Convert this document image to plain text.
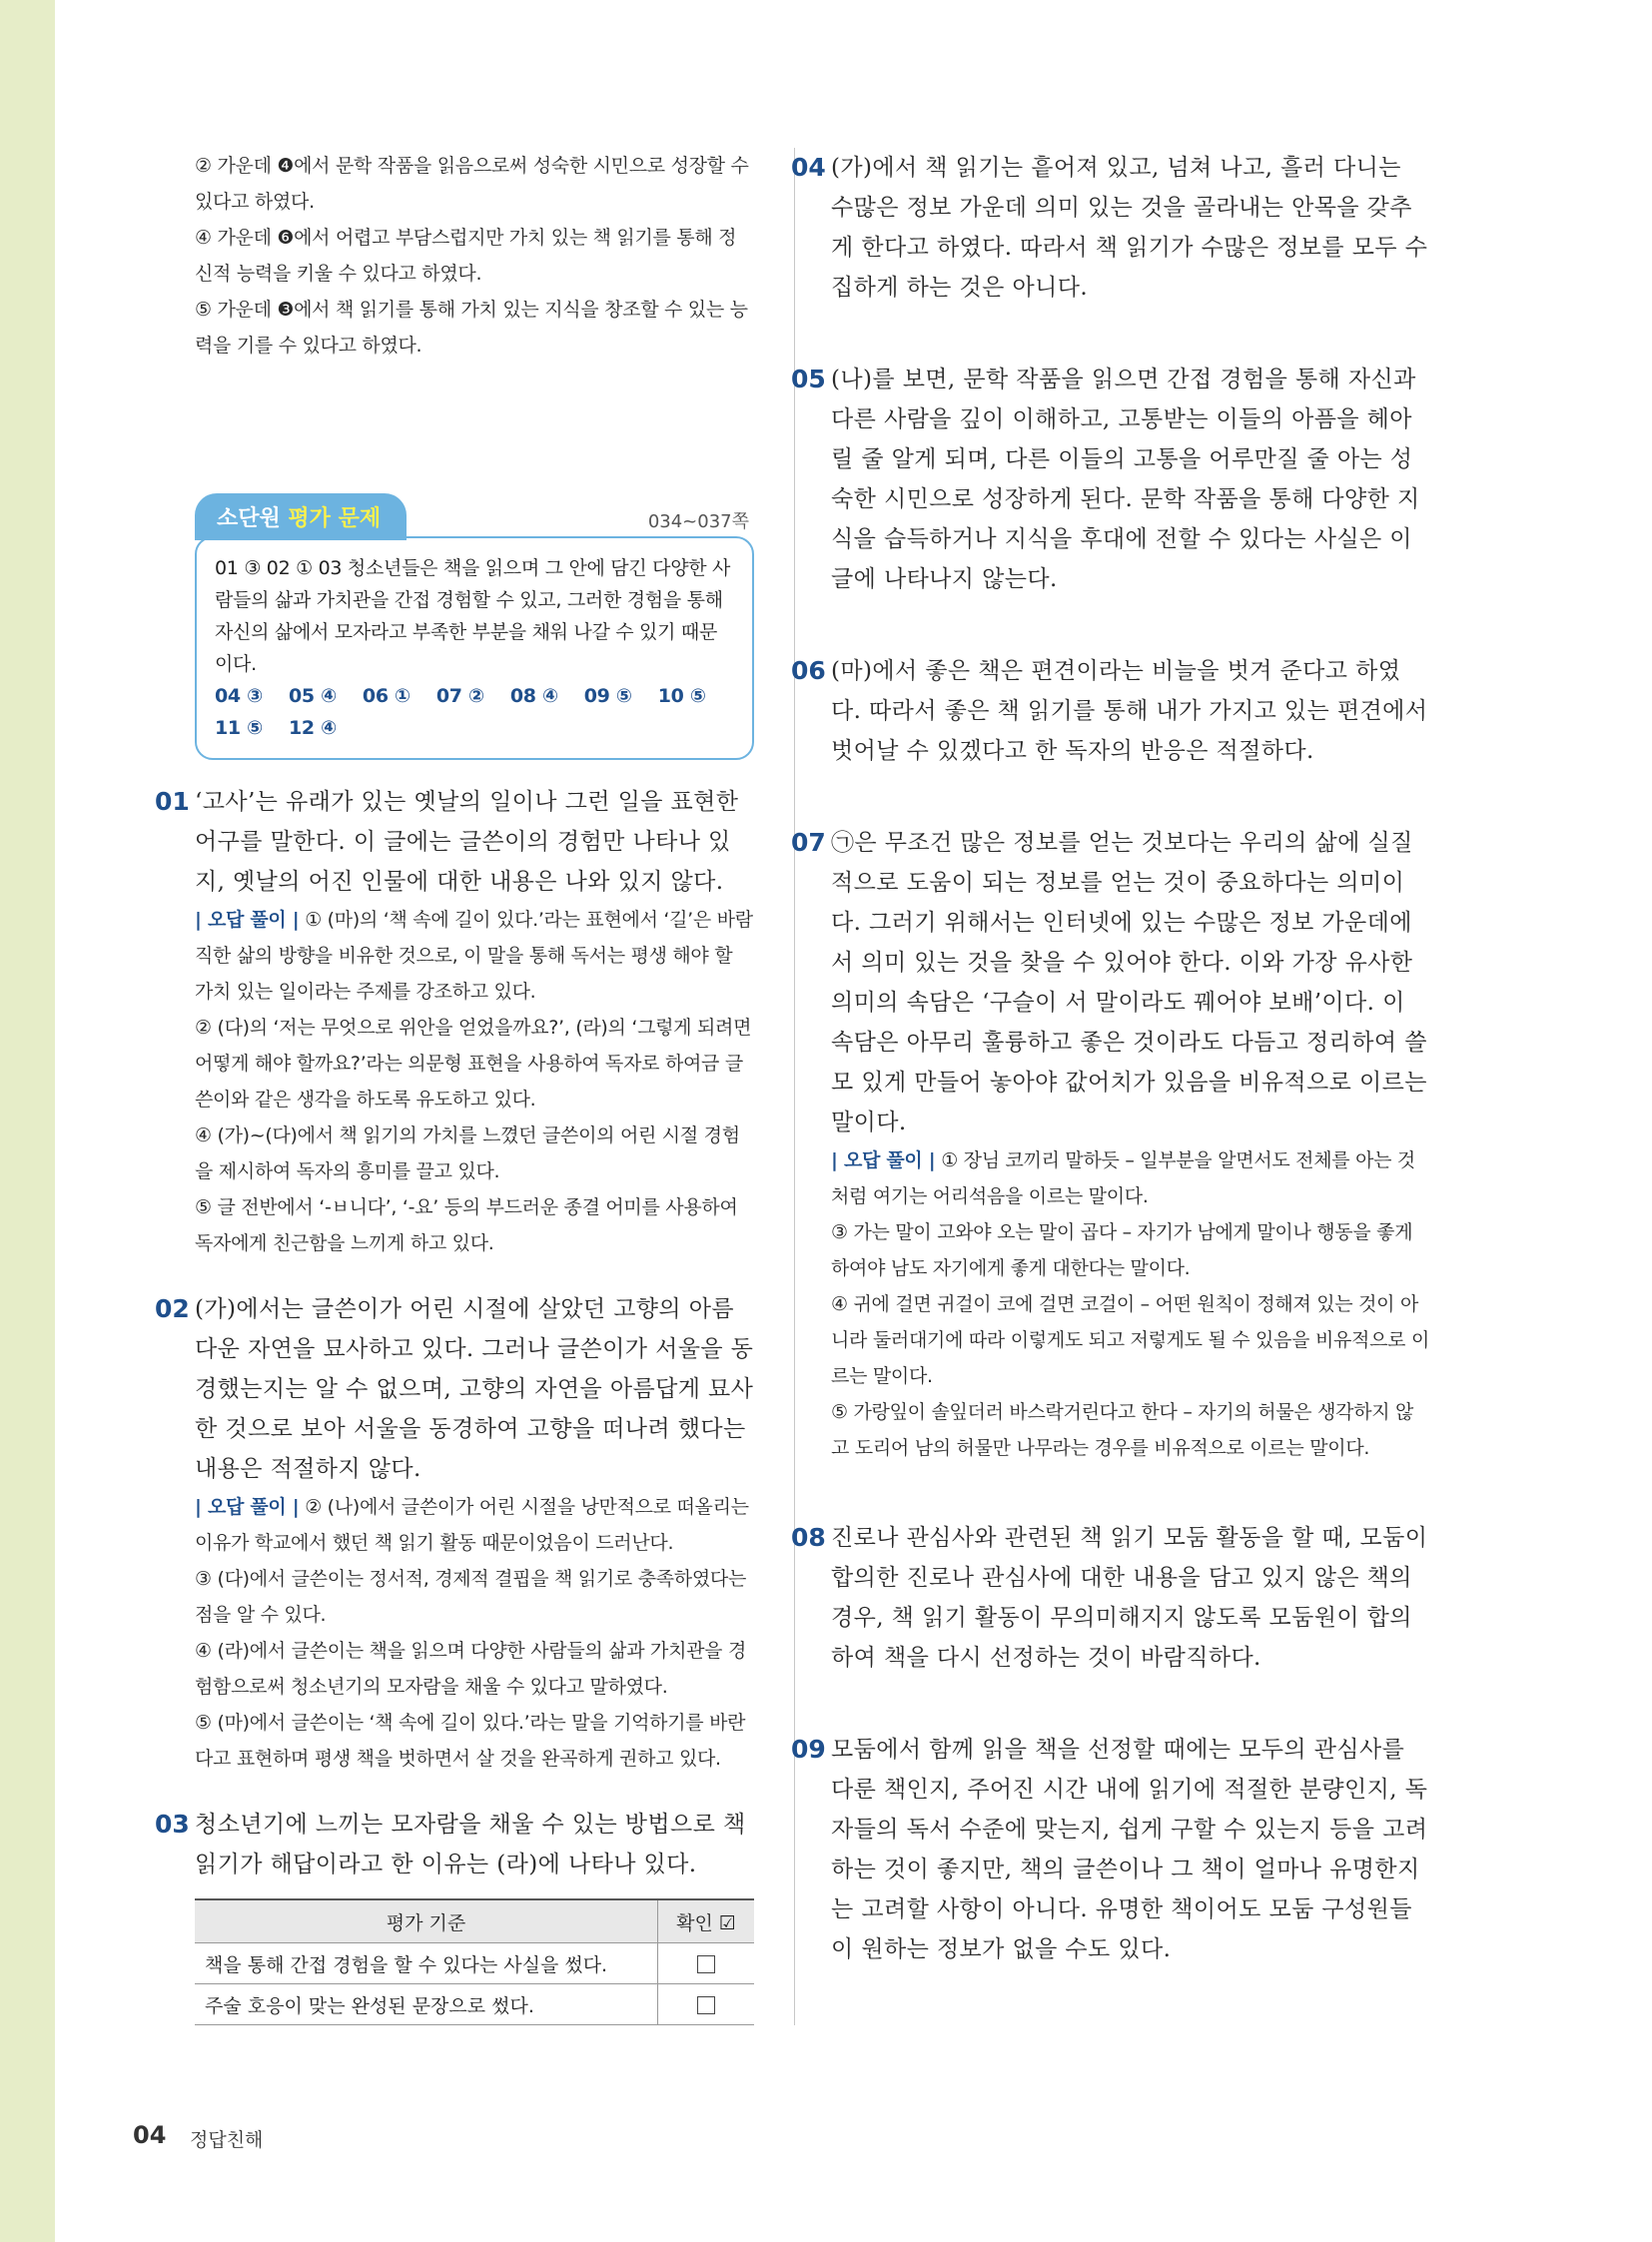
② 가운데 ❹에서 문학 작품을 읽음으로써 성숙한 시민으로 성장할 수 있다고 하였다.

④ 가운데 ❻에서 어렵고 부담스럽지만 가치 있는 책 읽기를 통해 정신적 능력을 키울 수 있다고 하였다.

⑤ 가운데 ❸에서 책 읽기를 통해 가치 있는 지식을 창조할 수 있는 능력을 기를 수 있다고 하였다.

소단원 평가 문제	034~037쪽
01 ③ 02 ① 03 청소년들은 책을 읽으며 그 안에 담긴 다양한 사람들의 삶과 가치관을 간접 경험할 수 있고, 그러한 경험을 통해 자신의 삶에서 모자라고 부족한 부분을 채워 나갈 수 있기 때문이다.
04 ③ 05 ④ 06 ① 07 ② 08 ④ 09 ⑤ 10 ⑤
11 ⑤ 12 ④
01 ‘고사’는 유래가 있는 옛날의 일이나 그런 일을 표현한 어구를 말한다. 이 글에는 글쓴이의 경험만 나타나 있지, 옛날의 어진 인물에 대한 내용은 나와 있지 않다.

| 오답 풀이 | ① (마)의 ‘책 속에 길이 있다.’라는 표현에서 ‘길’은 바람직한 삶의 방향을 비유한 것으로, 이 말을 통해 독서는 평생 해야 할 가치 있는 일이라는 주제를 강조하고 있다.

② (다)의 ‘저는 무엇으로 위안을 얻었을까요?’, (라)의 ‘그렇게 되려면 어떻게 해야 할까요?’라는 의문형 표현을 사용하여 독자로 하여금 글쓴이와 같은 생각을 하도록 유도하고 있다.

④ (가)~(다)에서 책 읽기의 가치를 느꼈던 글쓴이의 어린 시절 경험을 제시하여 독자의 흥미를 끌고 있다.

⑤ 글 전반에서 ‘-ㅂ니다’, ‘-요’ 등의 부드러운 종결 어미를 사용하여 독자에게 친근함을 느끼게 하고 있다.

02 (가)에서는 글쓴이가 어린 시절에 살았던 고향의 아름다운 자연을 묘사하고 있다. 그러나 글쓴이가 서울을 동경했는지는 알 수 없으며, 고향의 자연을 아름답게 묘사한 것으로 보아 서울을 동경하여 고향을 떠나려 했다는 내용은 적절하지 않다.

| 오답 풀이 | ② (나)에서 글쓴이가 어린 시절을 낭만적으로 떠올리는 이유가 학교에서 했던 책 읽기 활동 때문이었음이 드러난다.

③ (다)에서 글쓴이는 정서적, 경제적 결핍을 책 읽기로 충족하였다는 점을 알 수 있다.

④ (라)에서 글쓴이는 책을 읽으며 다양한 사람들의 삶과 가치관을 경험함으로써 청소년기의 모자람을 채울 수 있다고 말하였다.

⑤ (마)에서 글쓴이는 ‘책 속에 길이 있다.’라는 말을 기억하기를 바란다고 표현하며 평생 책을 벗하면서 살 것을 완곡하게 권하고 있다.

03 청소년기에 느끼는 모자람을 채울 수 있는 방법으로 책 읽기가 해답이라고 한 이유는 (라)에 나타나 있다.
평가 기준	확인 ☑
책을 통해 간접 경험을 할 수 있다는 사실을 썼다.	
주술 호응이 맞는 완성된 문장으로 썼다.	
04 (가)에서 책 읽기는 흩어져 있고, 넘쳐 나고, 흘러 다니는 수많은 정보 가운데 의미 있는 것을 골라내는 안목을 갖추게 한다고 하였다. 따라서 책 읽기가 수많은 정보를 모두 수집하게 하는 것은 아니다.
05 (나)를 보면, 문학 작품을 읽으면 간접 경험을 통해 자신과 다른 사람을 깊이 이해하고, 고통받는 이들의 아픔을 헤아릴 줄 알게 되며, 다른 이들의 고통을 어루만질 줄 아는 성숙한 시민으로 성장하게 된다. 문학 작품을 통해 다양한 지식을 습득하거나 지식을 후대에 전할 수 있다는 사실은 이 글에 나타나지 않는다.
06 (마)에서 좋은 책은 편견이라는 비늘을 벗겨 준다고 하였다. 따라서 좋은 책 읽기를 통해 내가 가지고 있는 편견에서 벗어날 수 있겠다고 한 독자의 반응은 적절하다.
07 ㉠은 무조건 많은 정보를 얻는 것보다는 우리의 삶에 실질적으로 도움이 되는 정보를 얻는 것이 중요하다는 의미이다. 그러기 위해서는 인터넷에 있는 수많은 정보 가운데에서 의미 있는 것을 찾을 수 있어야 한다. 이와 가장 유사한 의미의 속담은 ‘구슬이 서 말이라도 꿰어야 보배’이다. 이 속담은 아무리 훌륭하고 좋은 것이라도 다듬고 정리하여 쓸모 있게 만들어 놓아야 값어치가 있음을 비유적으로 이르는 말이다.

| 오답 풀이 | ① 장님 코끼리 말하듯 – 일부분을 알면서도 전체를 아는 것처럼 여기는 어리석음을 이르는 말이다.

③ 가는 말이 고와야 오는 말이 곱다 – 자기가 남에게 말이나 행동을 좋게 하여야 남도 자기에게 좋게 대한다는 말이다.

④ 귀에 걸면 귀걸이 코에 걸면 코걸이 – 어떤 원칙이 정해져 있는 것이 아니라 둘러대기에 따라 이렇게도 되고 저렇게도 될 수 있음을 비유적으로 이르는 말이다.

⑤ 가랑잎이 솔잎더러 바스락거린다고 한다 – 자기의 허물은 생각하지 않고 도리어 남의 허물만 나무라는 경우를 비유적으로 이르는 말이다.

08 진로나 관심사와 관련된 책 읽기 모둠 활동을 할 때, 모둠이 합의한 진로나 관심사에 대한 내용을 담고 있지 않은 책의 경우, 책 읽기 활동이 무의미해지지 않도록 모둠원이 합의하여 책을 다시 선정하는 것이 바람직하다.
09 모둠에서 함께 읽을 책을 선정할 때에는 모두의 관심사를 다룬 책인지, 주어진 시간 내에 읽기에 적절한 분량인지, 독자들의 독서 수준에 맞는지, 쉽게 구할 수 있는지 등을 고려하는 것이 좋지만, 책의 글쓴이나 그 책이 얼마나 유명한지는 고려할 사항이 아니다. 유명한 책이어도 모둠 구성원들이 원하는 정보가 없을 수도 있다.
04 정답친해
